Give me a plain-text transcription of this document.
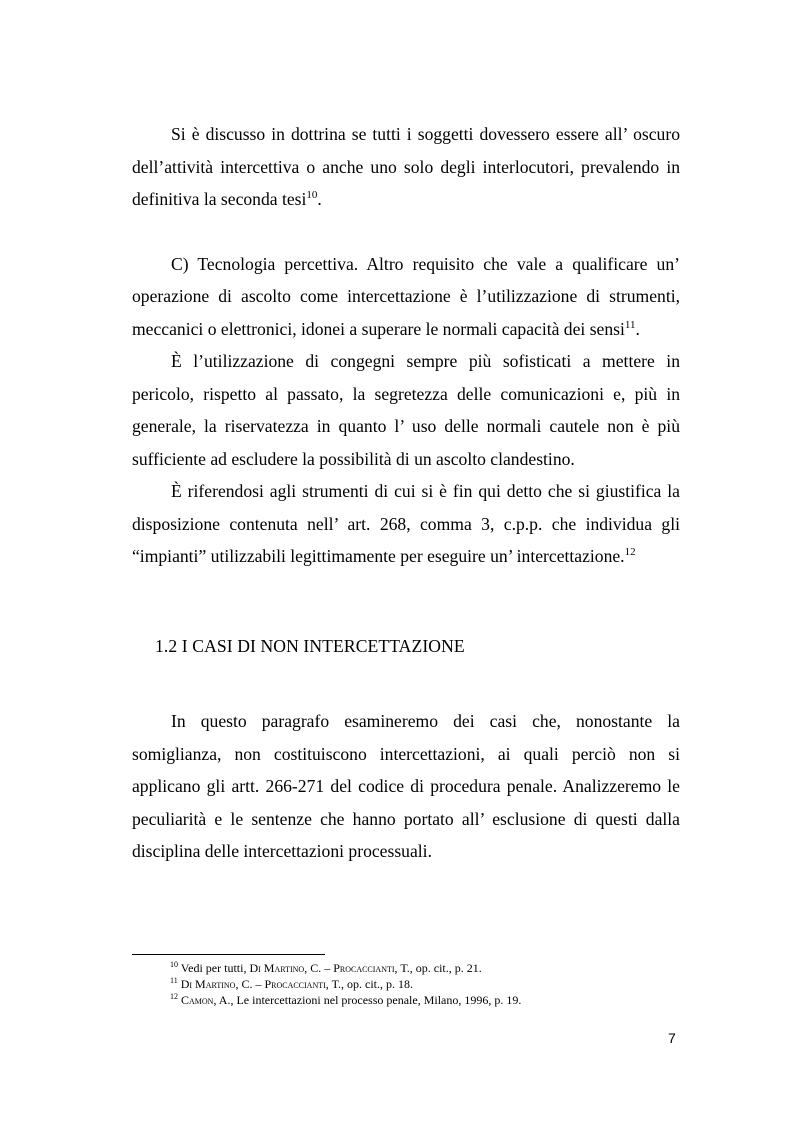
Si è discusso in dottrina se tutti i soggetti dovessero essere all’ oscuro dell’attività intercettiva o anche uno solo degli interlocutori, prevalendo in definitiva la seconda tesi$^{10}$.

C) Tecnologia percettiva. Altro requisito che vale a qualificare un’ operazione di ascolto come intercettazione è l’utilizzazione di strumenti, meccanici o elettronici, idonei a superare le normali capacità dei sensi$^{11}$.

È l’utilizzazione di congegni sempre più sofisticati a mettere in pericolo, rispetto al passato, la segretezza delle comunicazioni e, più in generale, la riservatezza in quanto l’ uso delle normali cautele non è più sufficiente ad escludere la possibilità di un ascolto clandestino.

È riferendosi agli strumenti di cui si è fin qui detto che si giustifica la disposizione contenuta nell’ art. 268, comma 3, c.p.p. che individua gli “impianti” utilizzabili legittimamente per eseguire un’ intercettazione.$^{12}$

1.2 I CASI DI NON INTERCETTAZIONE

In questo paragrafo esamineremo dei casi che, nonostante la somiglianza, non costituiscono intercettazioni, ai quali perciò non si applicano gli artt. 266-271 del codice di procedura penale. Analizzeremo le peculiarità e le sentenze che hanno portato all’ esclusione di questi dalla disciplina delle intercettazioni processuali.

$^{10}$ Vedi per tutti, Di Martino, C. – Procaccianti, T., op. cit., p. 21.

$^{11}$ Di Martino, C. – Procaccianti, T., op. cit., p. 18.

$^{12}$ Camon, A., Le intercettazioni nel processo penale, Milano, 1996, p. 19.

7
